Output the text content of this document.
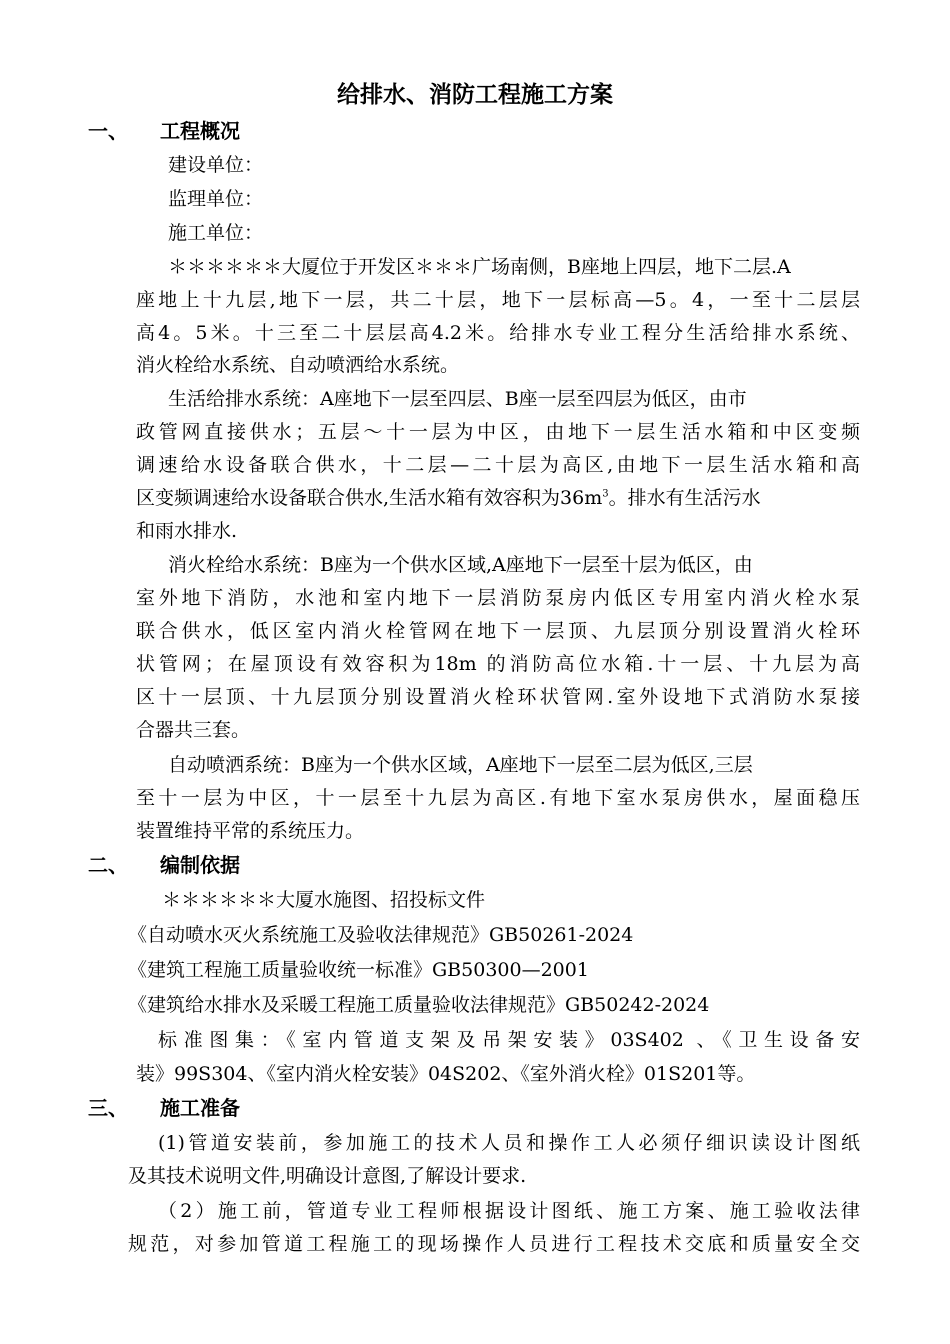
给排水、消防工程施工方案
一、 工程概况
建设单位：
监理单位：
施工单位：
＊＊＊＊＊＊大厦位于开发区＊＊＊广场南侧，B座地上四层，地下二层.A
座地上十九层,地下一层，共二十层，地下一层标高—5。4，一至十二层层
高4。5米。十三至二十层层高4.2米。给排水专业工程分生活给排水系统、
消火栓给水系统、自动喷洒给水系统。
生活给排水系统：A座地下一层至四层、B座一层至四层为低区，由市
政管网直接供水；五层～十一层为中区，由地下一层生活水箱和中区变频
调速给水设备联合供水，十二层—二十层为高区,由地下一层生活水箱和高
区变频调速给水设备联合供水,生活水箱有效容积为$36m^3$。排水有生活污水
和雨水排水.
消火栓给水系统：B座为一个供水区域,A座地下一层至十层为低区，由
室外地下消防，水池和室内地下一层消防泵房内低区专用室内消火栓水泵
联合供水，低区室内消火栓管网在地下一层顶、九层顶分别设置消火栓环
状管网；在屋顶设有效容积为18m 的消防高位水箱.十一层、十九层为高
区十一层顶、十九层顶分别设置消火栓环状管网.室外设地下式消防水泵接
合器共三套。
自动喷洒系统：B座为一个供水区域，A座地下一层至二层为低区,三层
至十一层为中区，十一层至十九层为高区.有地下室水泵房供水，屋面稳压
装置维持平常的系统压力。
二、 编制依据
＊＊＊＊＊＊大厦水施图、招投标文件
《自动喷水灭火系统施工及验收法律规范》GB50261-2024
《建筑工程施工质量验收统一标准》GB50300—2001
《建筑给水排水及采暖工程施工质量验收法律规范》GB50242-2024
标准图集：《室内管道支架及吊架安装》03S402 、《卫生设备安
装》99S304、《室内消火栓安装》04S202、《室外消火栓》01S201等。
三、 施工准备
(1)管道安装前，参加施工的技术人员和操作工人必须仔细识读设计图纸
及其技术说明文件,明确设计意图,了解设计要求.
（2）施工前，管道专业工程师根据设计图纸、施工方案、施工验收法律
规范，对参加管道工程施工的现场操作人员进行工程技术交底和质量安全交
